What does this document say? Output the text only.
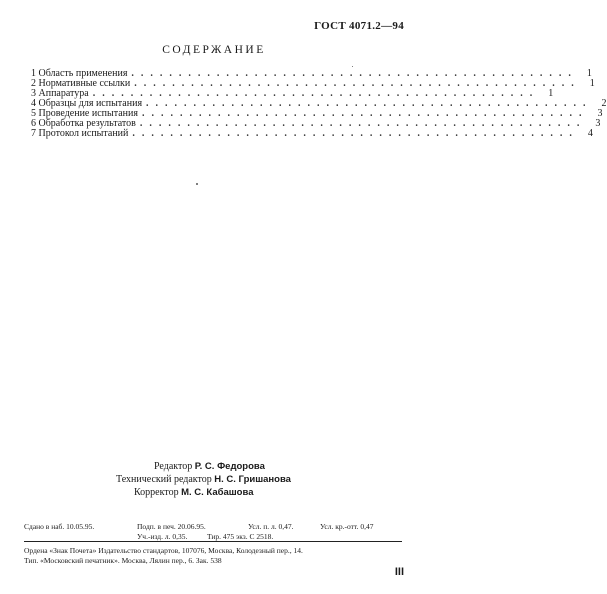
ГОСТ 4071.2—94
СОДЕРЖАНИЕ
1 Область применения ............................................... 1
2 Нормативные ссылки ............................................... 1
3 Аппаратура ............................................... 1
4 Образцы для испытания ............................................... 2
5 Проведение испытания ............................................... 3
6 Обработка результатов ............................................... 3
7 Протокол испытаний ............................................... 4
Редактор Р. С. Федорова
Технический редактор Н. С. Гришанова
Корректор М. С. Кабашова
Сдано в наб. 10.05.95.	Подп. в печ. 20.06.95.	Усл. п. л. 0,47.	Усл. кр.-отт. 0,47
Уч.-изд. л. 0,35.	Тир. 475 экз. С 2518.
Ордена «Знак Почета» Издательство стандартов, 107076, Москва, Колодезный пер., 14.
Тип. «Московский печатник». Москва, Лялин пер., 6. Зак. 538
III
